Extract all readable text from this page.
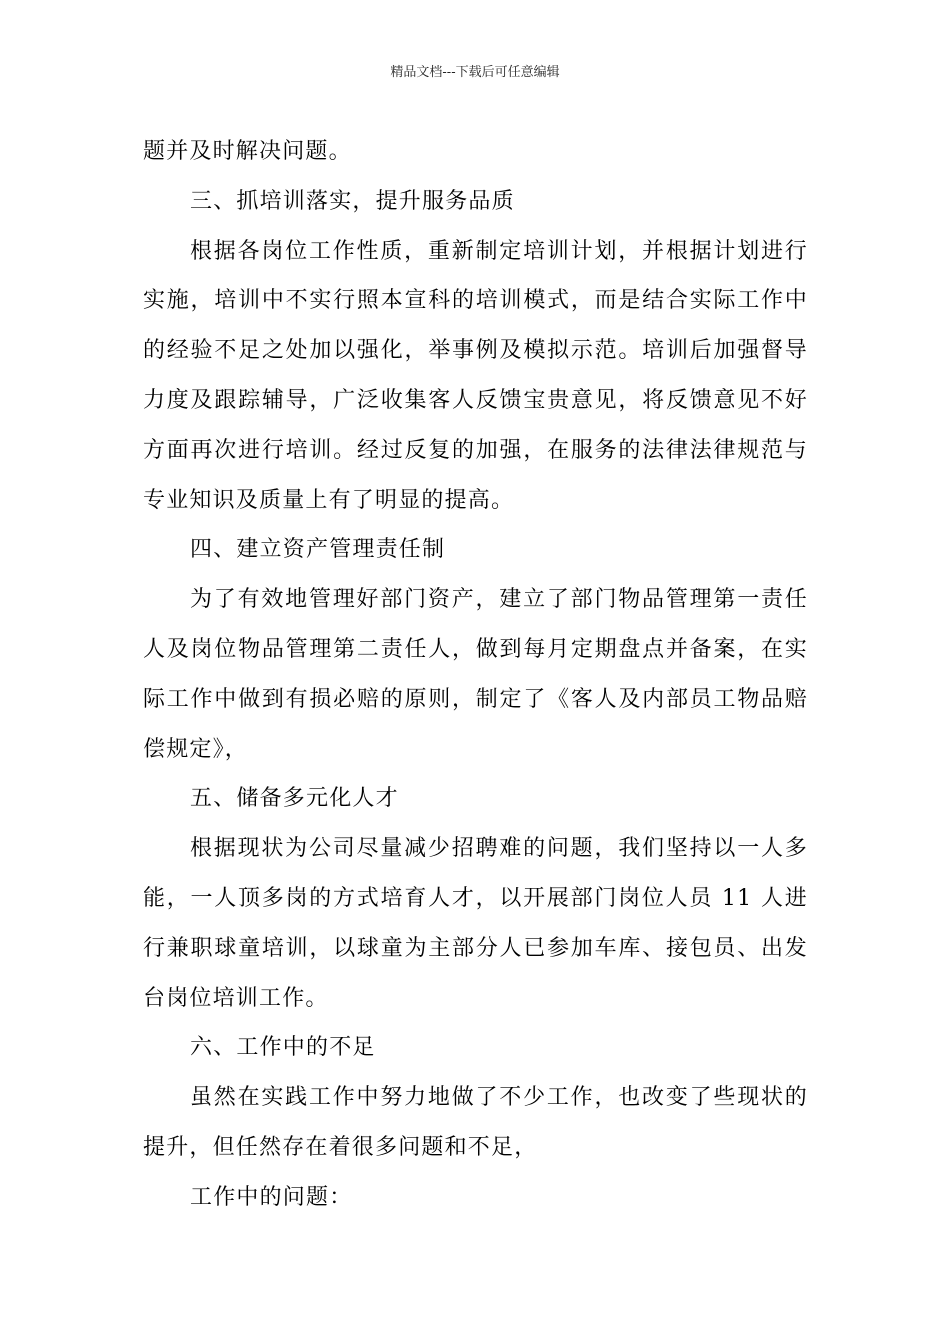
精品文档---下载后可任意编辑

题并及时解决问题。

三、抓培训落实，提升服务品质

根据各岗位工作性质，重新制定培训计划，并根据计划进行实施，培训中不实行照本宣科的培训模式，而是结合实际工作中的经验不足之处加以强化，举事例及模拟示范。培训后加强督导力度及跟踪辅导，广泛收集客人反馈宝贵意见，将反馈意见不好方面再次进行培训。经过反复的加强，在服务的法律法律规范与专业知识及质量上有了明显的提高。

四、建立资产管理责任制

为了有效地管理好部门资产，建立了部门物品管理第一责任人及岗位物品管理第二责任人，做到每月定期盘点并备案，在实际工作中做到有损必赔的原则，制定了《客人及内部员工物品赔偿规定》，

五、储备多元化人才

根据现状为公司尽量减少招聘难的问题，我们坚持以一人多能，一人顶多岗的方式培育人才，以开展部门岗位人员 11 人进行兼职球童培训，以球童为主部分人已参加车库、接包员、出发台岗位培训工作。

六、工作中的不足

虽然在实践工作中努力地做了不少工作，也改变了些现状的提升，但任然存在着很多问题和不足，

工作中的问题：
